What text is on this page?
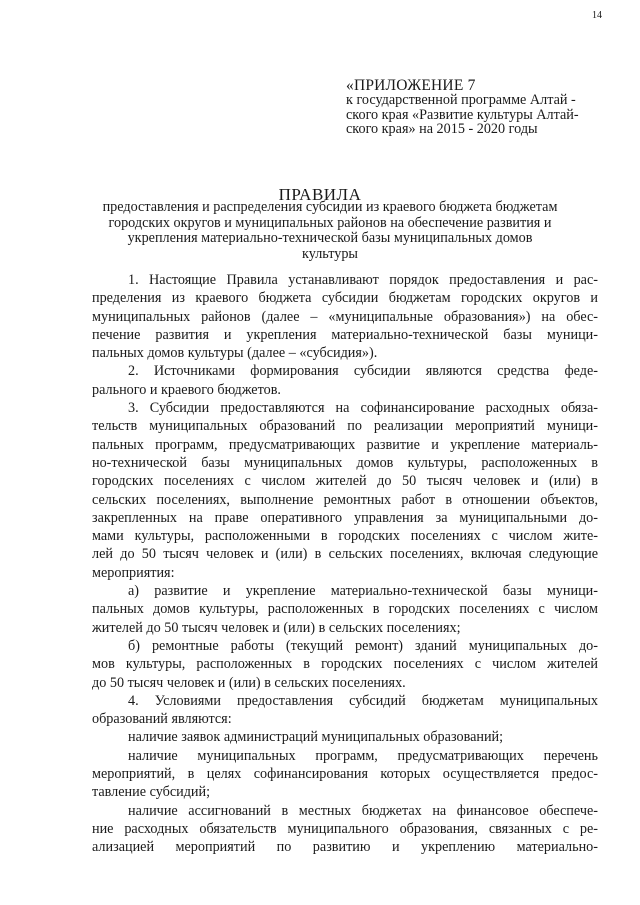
14
«ПРИЛОЖЕНИЕ 7
к государственной программе Алтай -
ского края «Развитие культуры Алтай-
ского края» на 2015 - 2020 годы
ПРАВИЛА
предоставления и распределения субсидии из краевого бюджета бюджетам
городских округов и муниципальных районов на обеспечение развития и
укрепления материально-технической базы муниципальных домов
культуры
1. Настоящие Правила устанавливают порядок предоставления и рас-
пределения из краевого бюджета субсидии бюджетам городских округов и
муниципальных районов (далее – «муниципальные образования») на обес-
печение развития и укрепления материально-технической базы муници-
пальных домов культуры (далее – «субсидия»).
2. Источниками формирования субсидии являются средства феде-
рального и краевого бюджетов.
3. Субсидии предоставляются на софинансирование расходных обяза-
тельств муниципальных образований по реализации мероприятий муници-
пальных программ, предусматривающих развитие и укрепление материаль-
но-технической базы муниципальных домов культуры, расположенных в
городских поселениях с числом жителей до 50 тысяч человек и (или) в
сельских поселениях, выполнение ремонтных работ в отношении объектов,
закрепленных на праве оперативного управления за муниципальными до-
мами культуры, расположенными в городских поселениях с числом жите-
лей до 50 тысяч человек и (или) в сельских поселениях, включая следующие
мероприятия:
а) развитие и укрепление материально-технической базы муници-
пальных домов культуры, расположенных в городских поселениях с числом
жителей до 50 тысяч человек и (или) в сельских поселениях;
б) ремонтные работы (текущий ремонт) зданий муниципальных до-
мов культуры, расположенных в городских поселениях с числом жителей
до 50 тысяч человек и (или) в сельских поселениях.
4. Условиями предоставления субсидий бюджетам муниципальных
образований являются:
наличие заявок администраций муниципальных образований;
наличие муниципальных программ, предусматривающих перечень
мероприятий, в целях софинансирования которых осуществляется предос-
тавление субсидий;
наличие ассигнований в местных бюджетах на финансовое обеспече-
ние расходных обязательств муниципального образования, связанных с ре-
ализацией мероприятий по развитию и укреплению материально-
